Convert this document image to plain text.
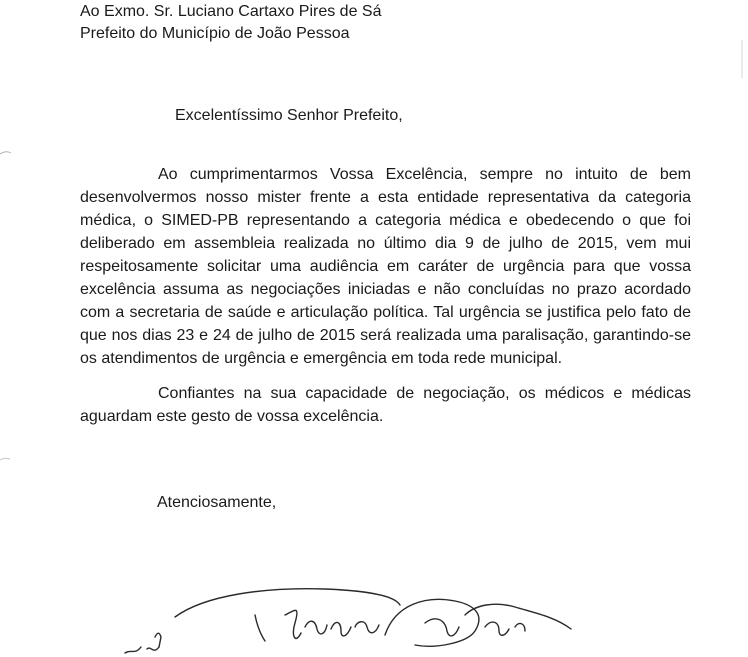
Ao Exmo. Sr. Luciano Cartaxo Pires de Sá
Prefeito do Município de João Pessoa
Excelentíssimo Senhor Prefeito,

Ao cumprimentarmos Vossa Excelência, sempre no intuito de bem desenvolvermos nosso mister frente a esta entidade representativa da categoria médica, o SIMED-PB representando a categoria médica e obedecendo o que foi deliberado em assembleia realizada no último dia 9 de julho de 2015, vem mui respeitosamente solicitar uma audiência em caráter de urgência para que vossa excelência assuma as negociações iniciadas e não concluídas no prazo acordado com a secretaria de saúde e articulação política. Tal urgência se justifica pelo fato de que nos dias 23 e 24 de julho de 2015 será realizada uma paralisação, garantindo-se os atendimentos de urgência e emergência em toda rede municipal.

Confiantes na sua capacidade de negociação, os médicos e médicas aguardam este gesto de vossa excelência.

Atenciosamente,
